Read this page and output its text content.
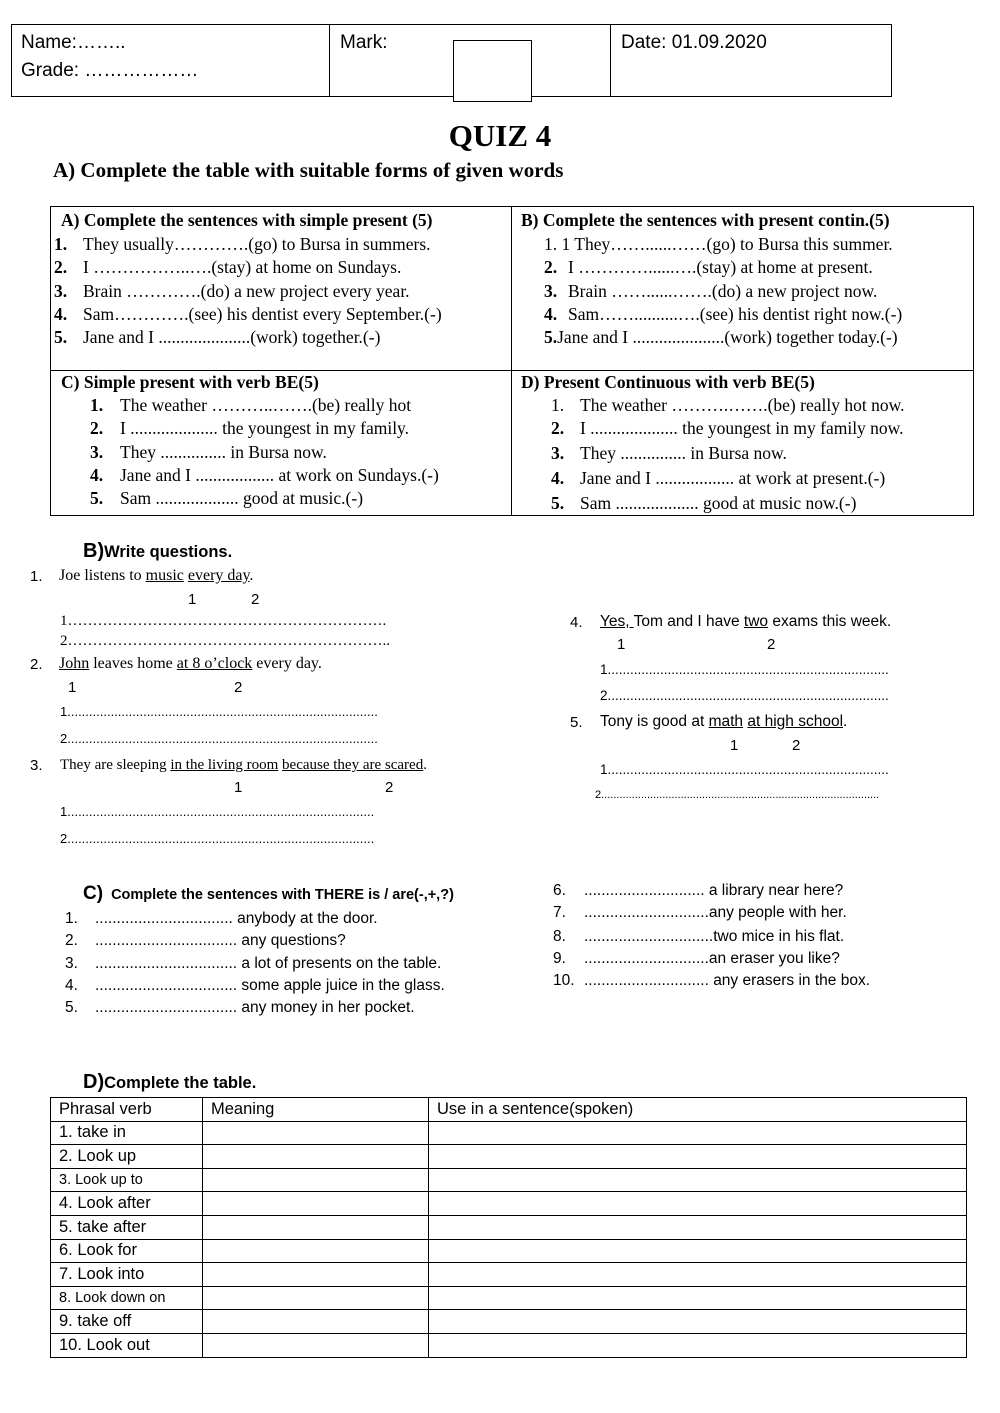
Name:……..
Grade: ………………
Mark:	Date: 01.09.2020
QUIZ 4
A) Complete the table with suitable forms of given words
A) Complete the sentences with simple present (5)
1. They usually………….(go) to Bursa in summers.
2. I ……………..….(stay) at home on Sundays.
3. Brain ………….(do) a new project every year.
4. Sam………….(see) his dentist every September.(-)
5. Jane and I .....................(work) together.(-)
B) Complete the sentences with present contin.(5)
1. 1 They……......……(go) to Bursa this summer.
2. I …………......….(stay) at home at present.
3. Brain ……......…….(do) a new project now.
4. Sam……..........….(see) his dentist right now.(-)
5.Jane and I .....................(work) together today.(-)
C) Simple present with verb BE(5)
1. The weather ………..…….(be) really hot
2. I .................... the youngest in my family.
3. They ............... in Bursa now.
4. Jane and I .................. at work on Sundays.(-)
5. Sam ................... good at music.(-)
D) Present Continuous with verb BE(5)
1. The weather ……….…….(be) really hot now.
2. I .................... the youngest in my family now.
3. They ............... in Bursa now.
4. Jane and I .................. at work at present.(-)
5. Sam ................... good at music now.(-)
B)Write questions.
1. Joe listens to music every day.
1	2
1……………………………………………………….
2………………………………………………………..
2. John leaves home at 8 o’clock every day.
1	2
1......................................................................................
2......................................................................................
3. They are sleeping in the living room because they are scared.
1	2
1.....................................................................................
2.....................................................................................
4. Yes, Tom and I have two exams this week.
1	2
1...........................................................................
2...........................................................................
5. Tony is good at math at high school.
1	2
1...........................................................................
2...........................................................................................
C) Complete the sentences with THERE is / are(-,+,?)
1. ................................ anybody at the door.
2. ................................. any questions?
3. ................................. a lot of presents on the table.
4. ................................. some apple juice in the glass.
5. ................................. any money in her pocket.
6. ............................ a library near here?
7. .............................any people with her.
8. ..............................two mice in his flat.
9. .............................an eraser you like?
10. ............................. any erasers in the box.
D)Complete the table.
Phrasal verb	Meaning	Use in a sentence(spoken)
1. take in		
2. Look up		
3. Look up to		
4. Look after		
5. take after		
6. Look for		
7. Look into		
8. Look down on		
9. take off		
10. Look out		
